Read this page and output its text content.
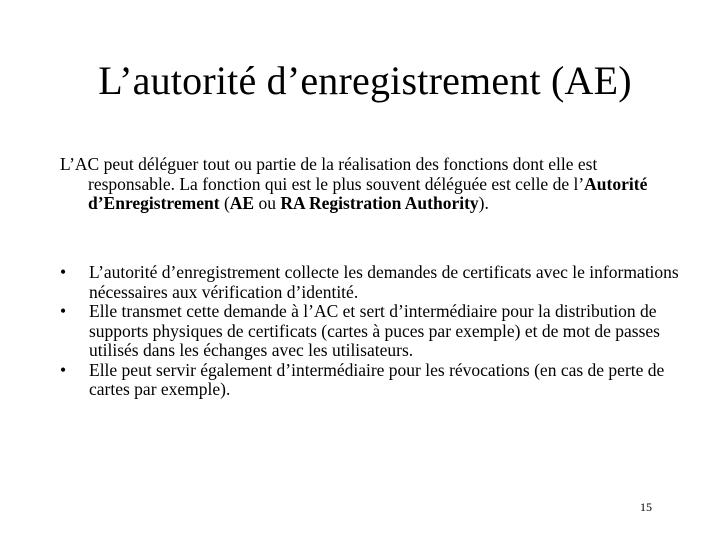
L’autorité d’enregistrement (AE)
L’AC peut déléguer tout ou partie de la réalisation des fonctions dont elle est responsable. La fonction qui est le plus souvent déléguée est celle de l’Autorité d’Enregistrement (AE ou RA Registration Authority).
•	L’autorité d’enregistrement collecte les demandes de certificats avec le informations nécessaires aux vérification d’identité.
•	Elle transmet cette demande à l’AC et sert d’intermédiaire pour la distribution de supports physiques de certificats (cartes à puces par exemple) et de mot de passes utilisés dans les échanges avec les utilisateurs.
•	Elle peut servir également d’intermédiaire pour les révocations (en cas de perte de cartes par exemple).
15
